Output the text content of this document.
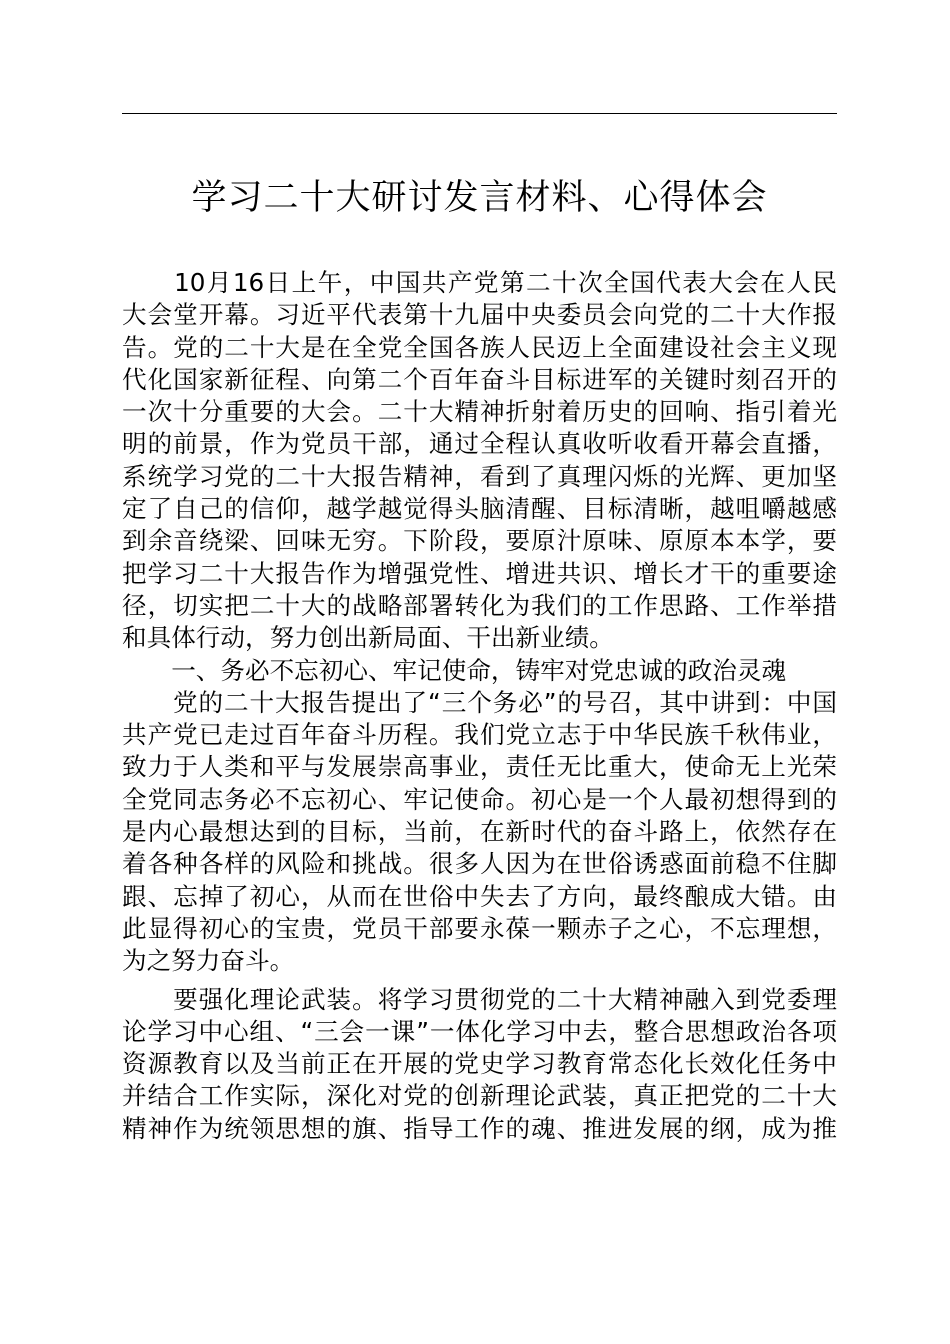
学习二十大研讨发言材料、心得体会
　　10月16日上午，中国共产党第二十次全国代表大会在人民
大会堂开幕。习近平代表第十九届中央委员会向党的二十大作报
告。党的二十大是在全党全国各族人民迈上全面建设社会主义现
代化国家新征程、向第二个百年奋斗目标进军的关键时刻召开的
一次十分重要的大会。二十大精神折射着历史的回响、指引着光
明的前景，作为党员干部，通过全程认真收听收看开幕会直播，
系统学习党的二十大报告精神，看到了真理闪烁的光辉、更加坚
定了自己的信仰，越学越觉得头脑清醒、目标清晰，越咀嚼越感
到余音绕梁、回味无穷。下阶段，要原汁原味、原原本本学，要
把学习二十大报告作为增强党性、增进共识、增长才干的重要途
径，切实把二十大的战略部署转化为我们的工作思路、工作举措
和具体行动，努力创出新局面、干出新业绩。
　　一、务必不忘初心、牢记使命，铸牢对党忠诚的政治灵魂
　　党的二十大报告提出了“三个务必”的号召，其中讲到：中国
共产党已走过百年奋斗历程。我们党立志于中华民族千秋伟业，
致力于人类和平与发展崇高事业，责任无比重大，使命无上光荣
全党同志务必不忘初心、牢记使命。初心是一个人最初想得到的
是内心最想达到的目标，当前，在新时代的奋斗路上，依然存在
着各种各样的风险和挑战。很多人因为在世俗诱惑面前稳不住脚
跟、忘掉了初心，从而在世俗中失去了方向，最终酿成大错。由
此显得初心的宝贵，党员干部要永葆一颗赤子之心，不忘理想，
为之努力奋斗。
　　要强化理论武装。将学习贯彻党的二十大精神融入到党委理
论学习中心组、“三会一课”一体化学习中去，整合思想政治各项
资源教育以及当前正在开展的党史学习教育常态化长效化任务中
并结合工作实际，深化对党的创新理论武装，真正把党的二十大
精神作为统领思想的旗、指导工作的魂、推进发展的纲，成为推
